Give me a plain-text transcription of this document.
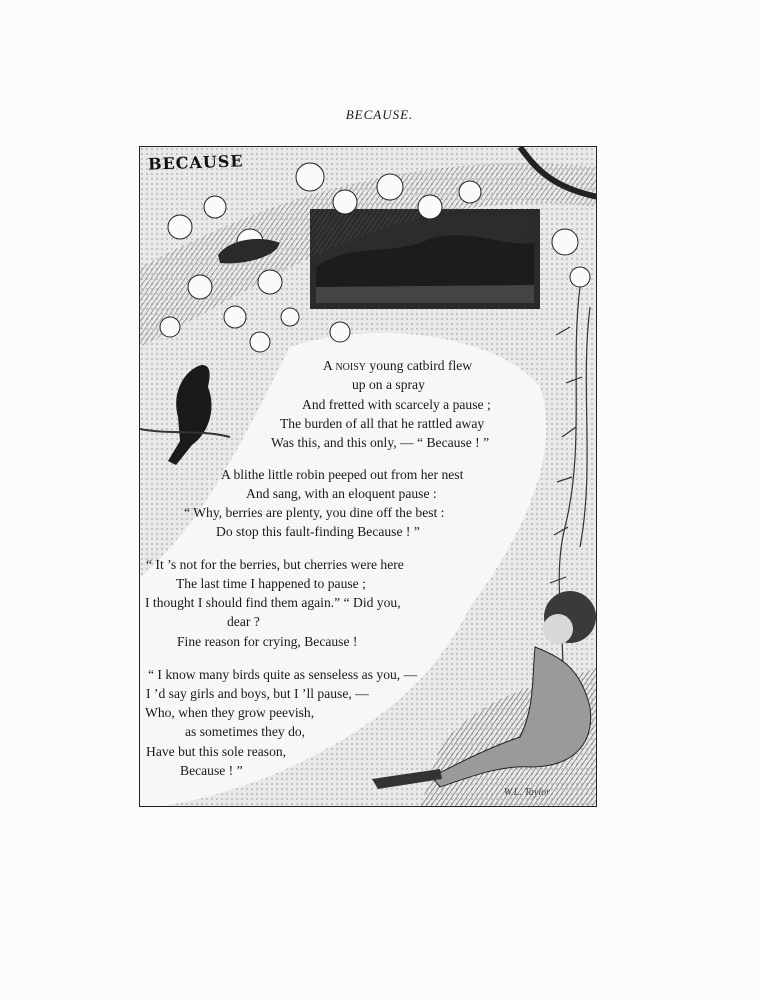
BECAUSE.
BECAUSE
A noisy young catbird flew
up on a spray
And fretted with scarcely a pause ;
The burden of all that he rattled away
Was this, and this only, — “ Because ! ”
A blithe little robin peeped out from her nest
And sang, with an eloquent pause :
“ Why, berries are plenty, you dine off the best :
Do stop this fault-finding Because ! ”
“ It ’s not for the berries, but cherries were here
The last time I happened to pause ;
I thought I should find them again.” “ Did you,
dear ?
Fine reason for crying, Because !
“ I know many birds quite as senseless as you, —
I ’d say girls and boys, but I ’ll pause, —
Who, when they grow peevish,
as sometimes they do,
Have but this sole reason,
Because ! ”
W.L. Taylor
